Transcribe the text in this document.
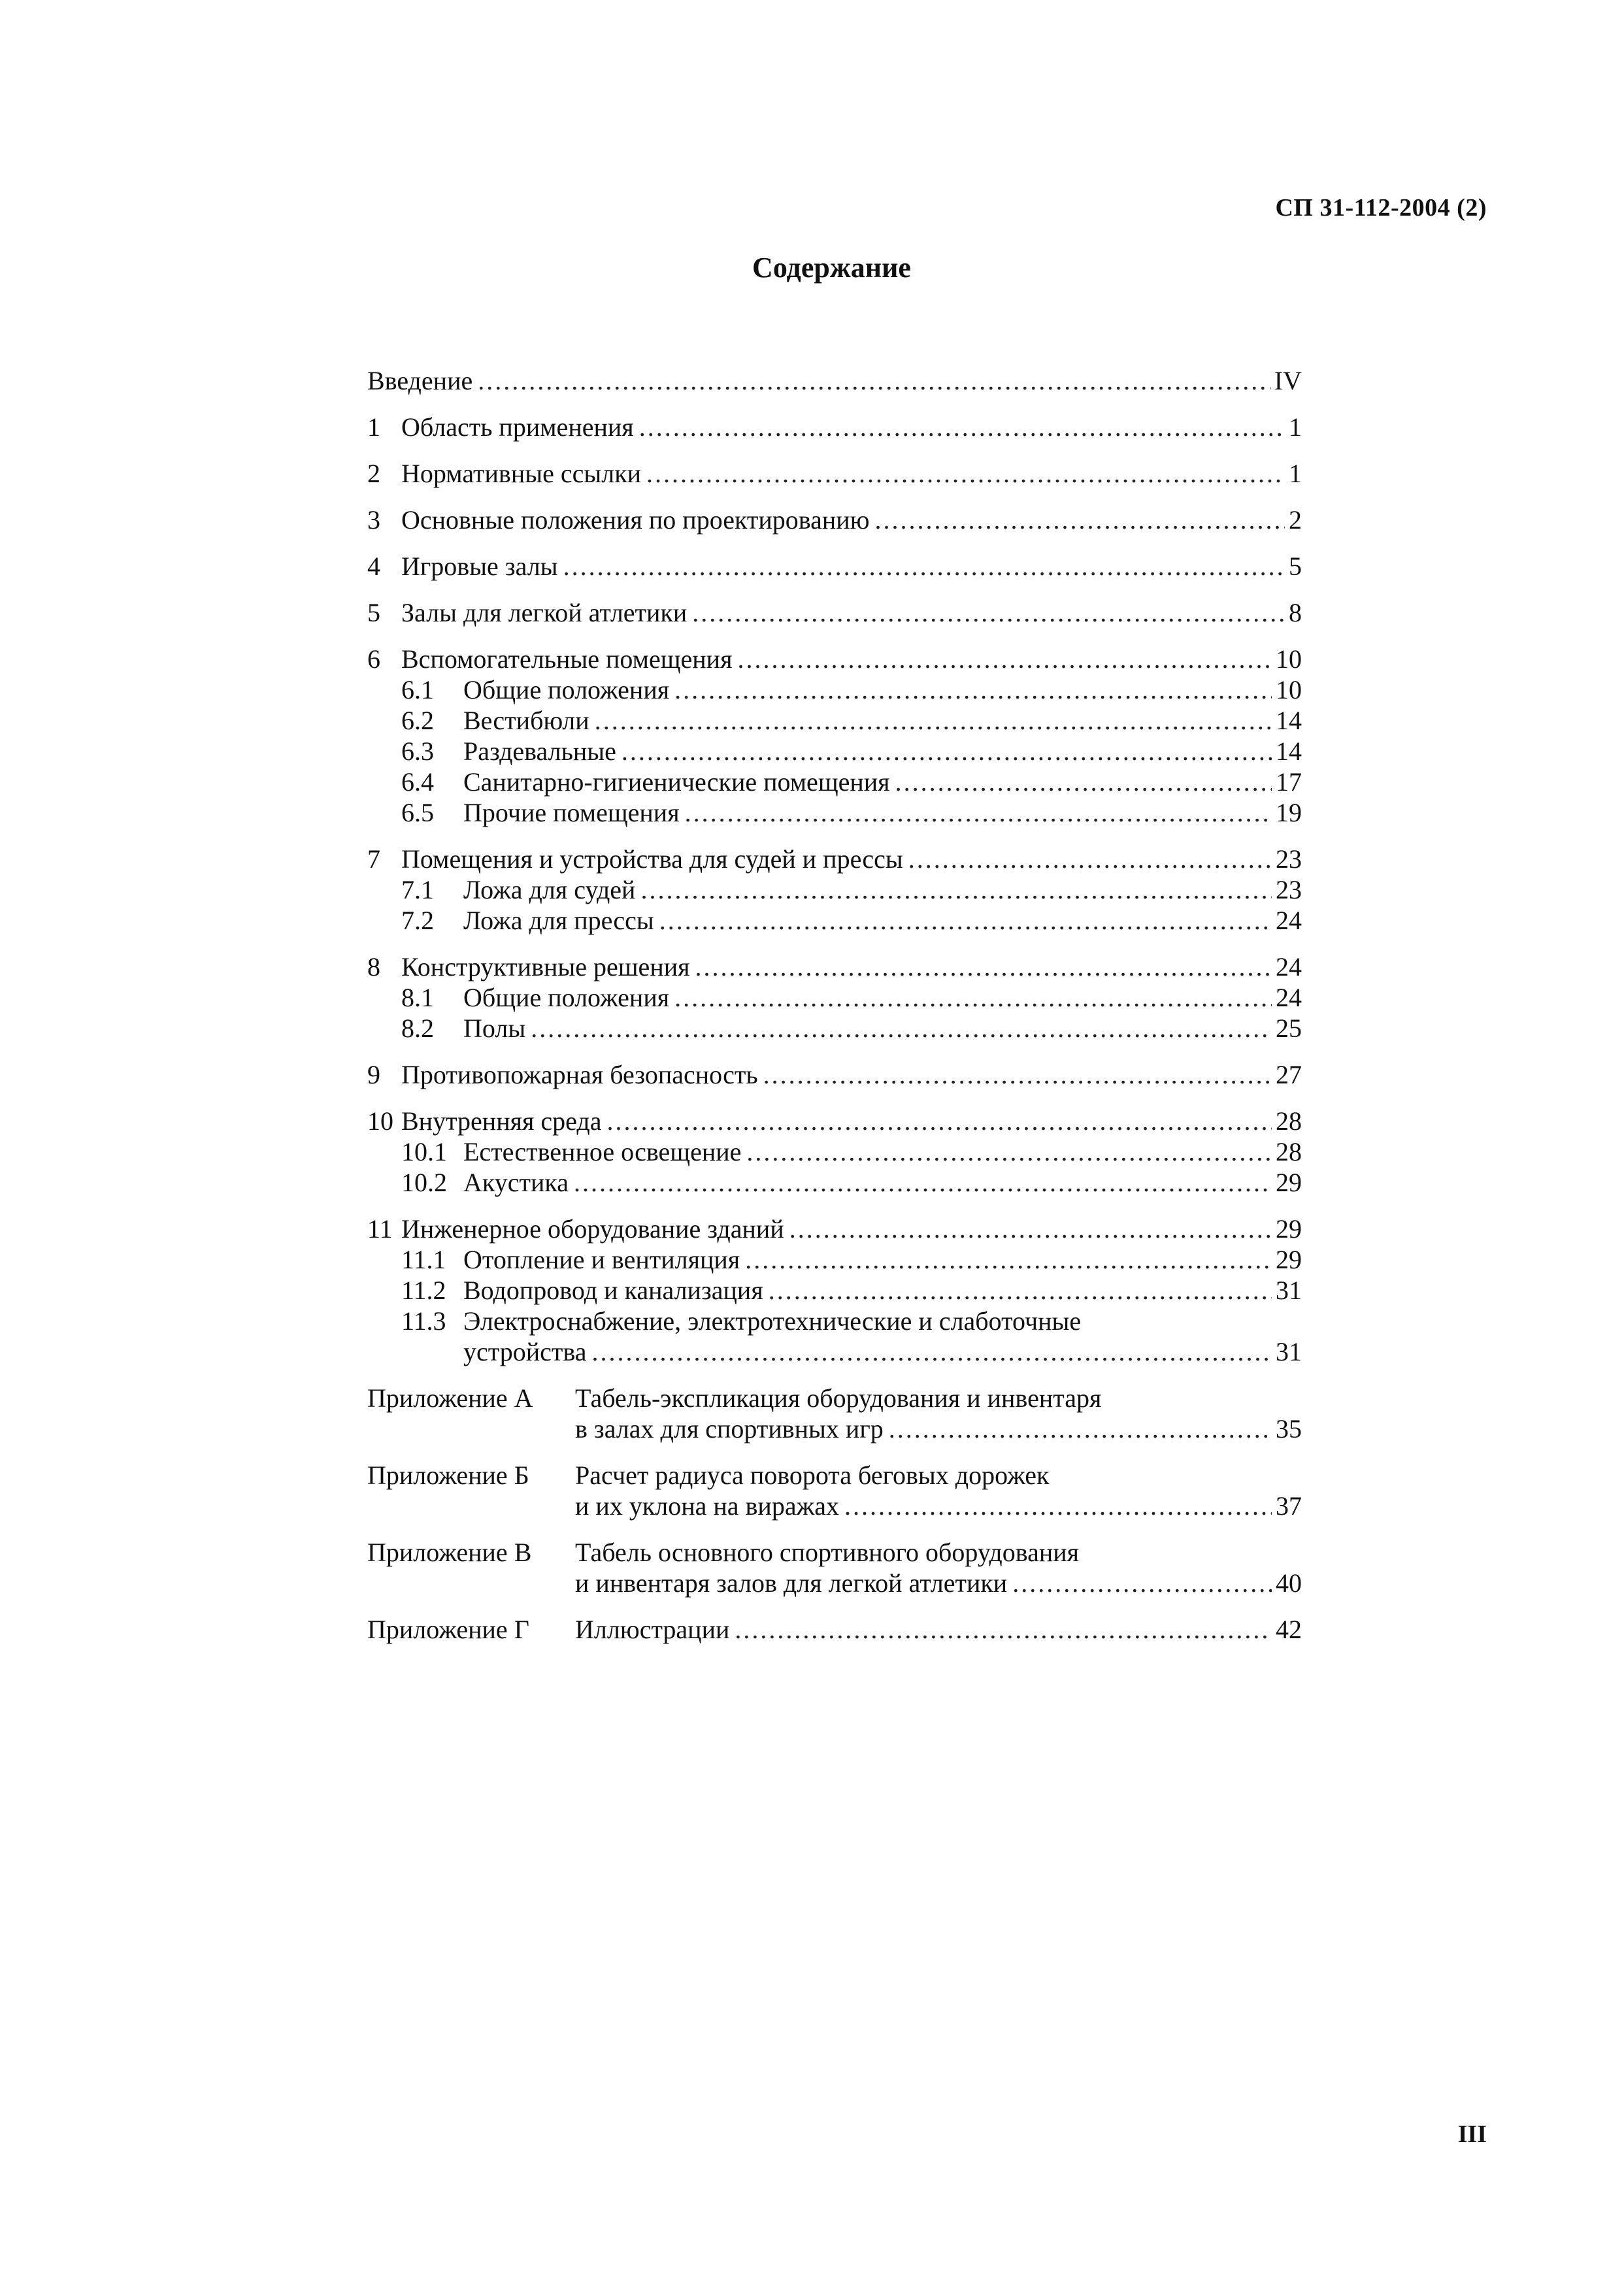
СП 31-112-2004 (2)
Содержание
Введение .....	IV
1 Область применения .....	1
2 Нормативные ссылки .....	1
3 Основные положения по проектированию .....	2
4 Игровые залы .....	5
5 Залы для легкой атлетики .....	8
6 Вспомогательные помещения .....	10
6.1	Общие положения .....	10
6.2	Вестибюли .....	14
6.3	Раздевальные .....	14
6.4	Санитарно-гигиенические помещения .....	17
6.5	Прочие помещения .....	19
7 Помещения и устройства для судей и прессы .....	23
7.1	Ложа для судей .....	23
7.2	Ложа для прессы .....	24
8 Конструктивные решения .....	24
8.1	Общие положения .....	24
8.2	Полы .....	25
9 Противопожарная безопасность .....	27
10 Внутренняя среда .....	28
10.1 Естественное освещение .....	28
10.2 Акустика .....	29
11 Инженерное оборудование зданий .....	29
11.1 Отопление и вентиляция .....	29
11.2 Водопровод и канализация .....	31
11.3 Электроснабжение, электротехнические и слаботочные
устройства .....	31
Приложение А	Табель-экспликация оборудования и инвентаря
в залах для спортивных игр .....	35
Приложение Б	Расчет радиуса поворота беговых дорожек
и их уклона на виражах .....	37
Приложение В	Табель основного спортивного оборудования
и инвентаря залов для легкой атлетики .....	40
Приложение Г	Иллюстрации .....	42
III
